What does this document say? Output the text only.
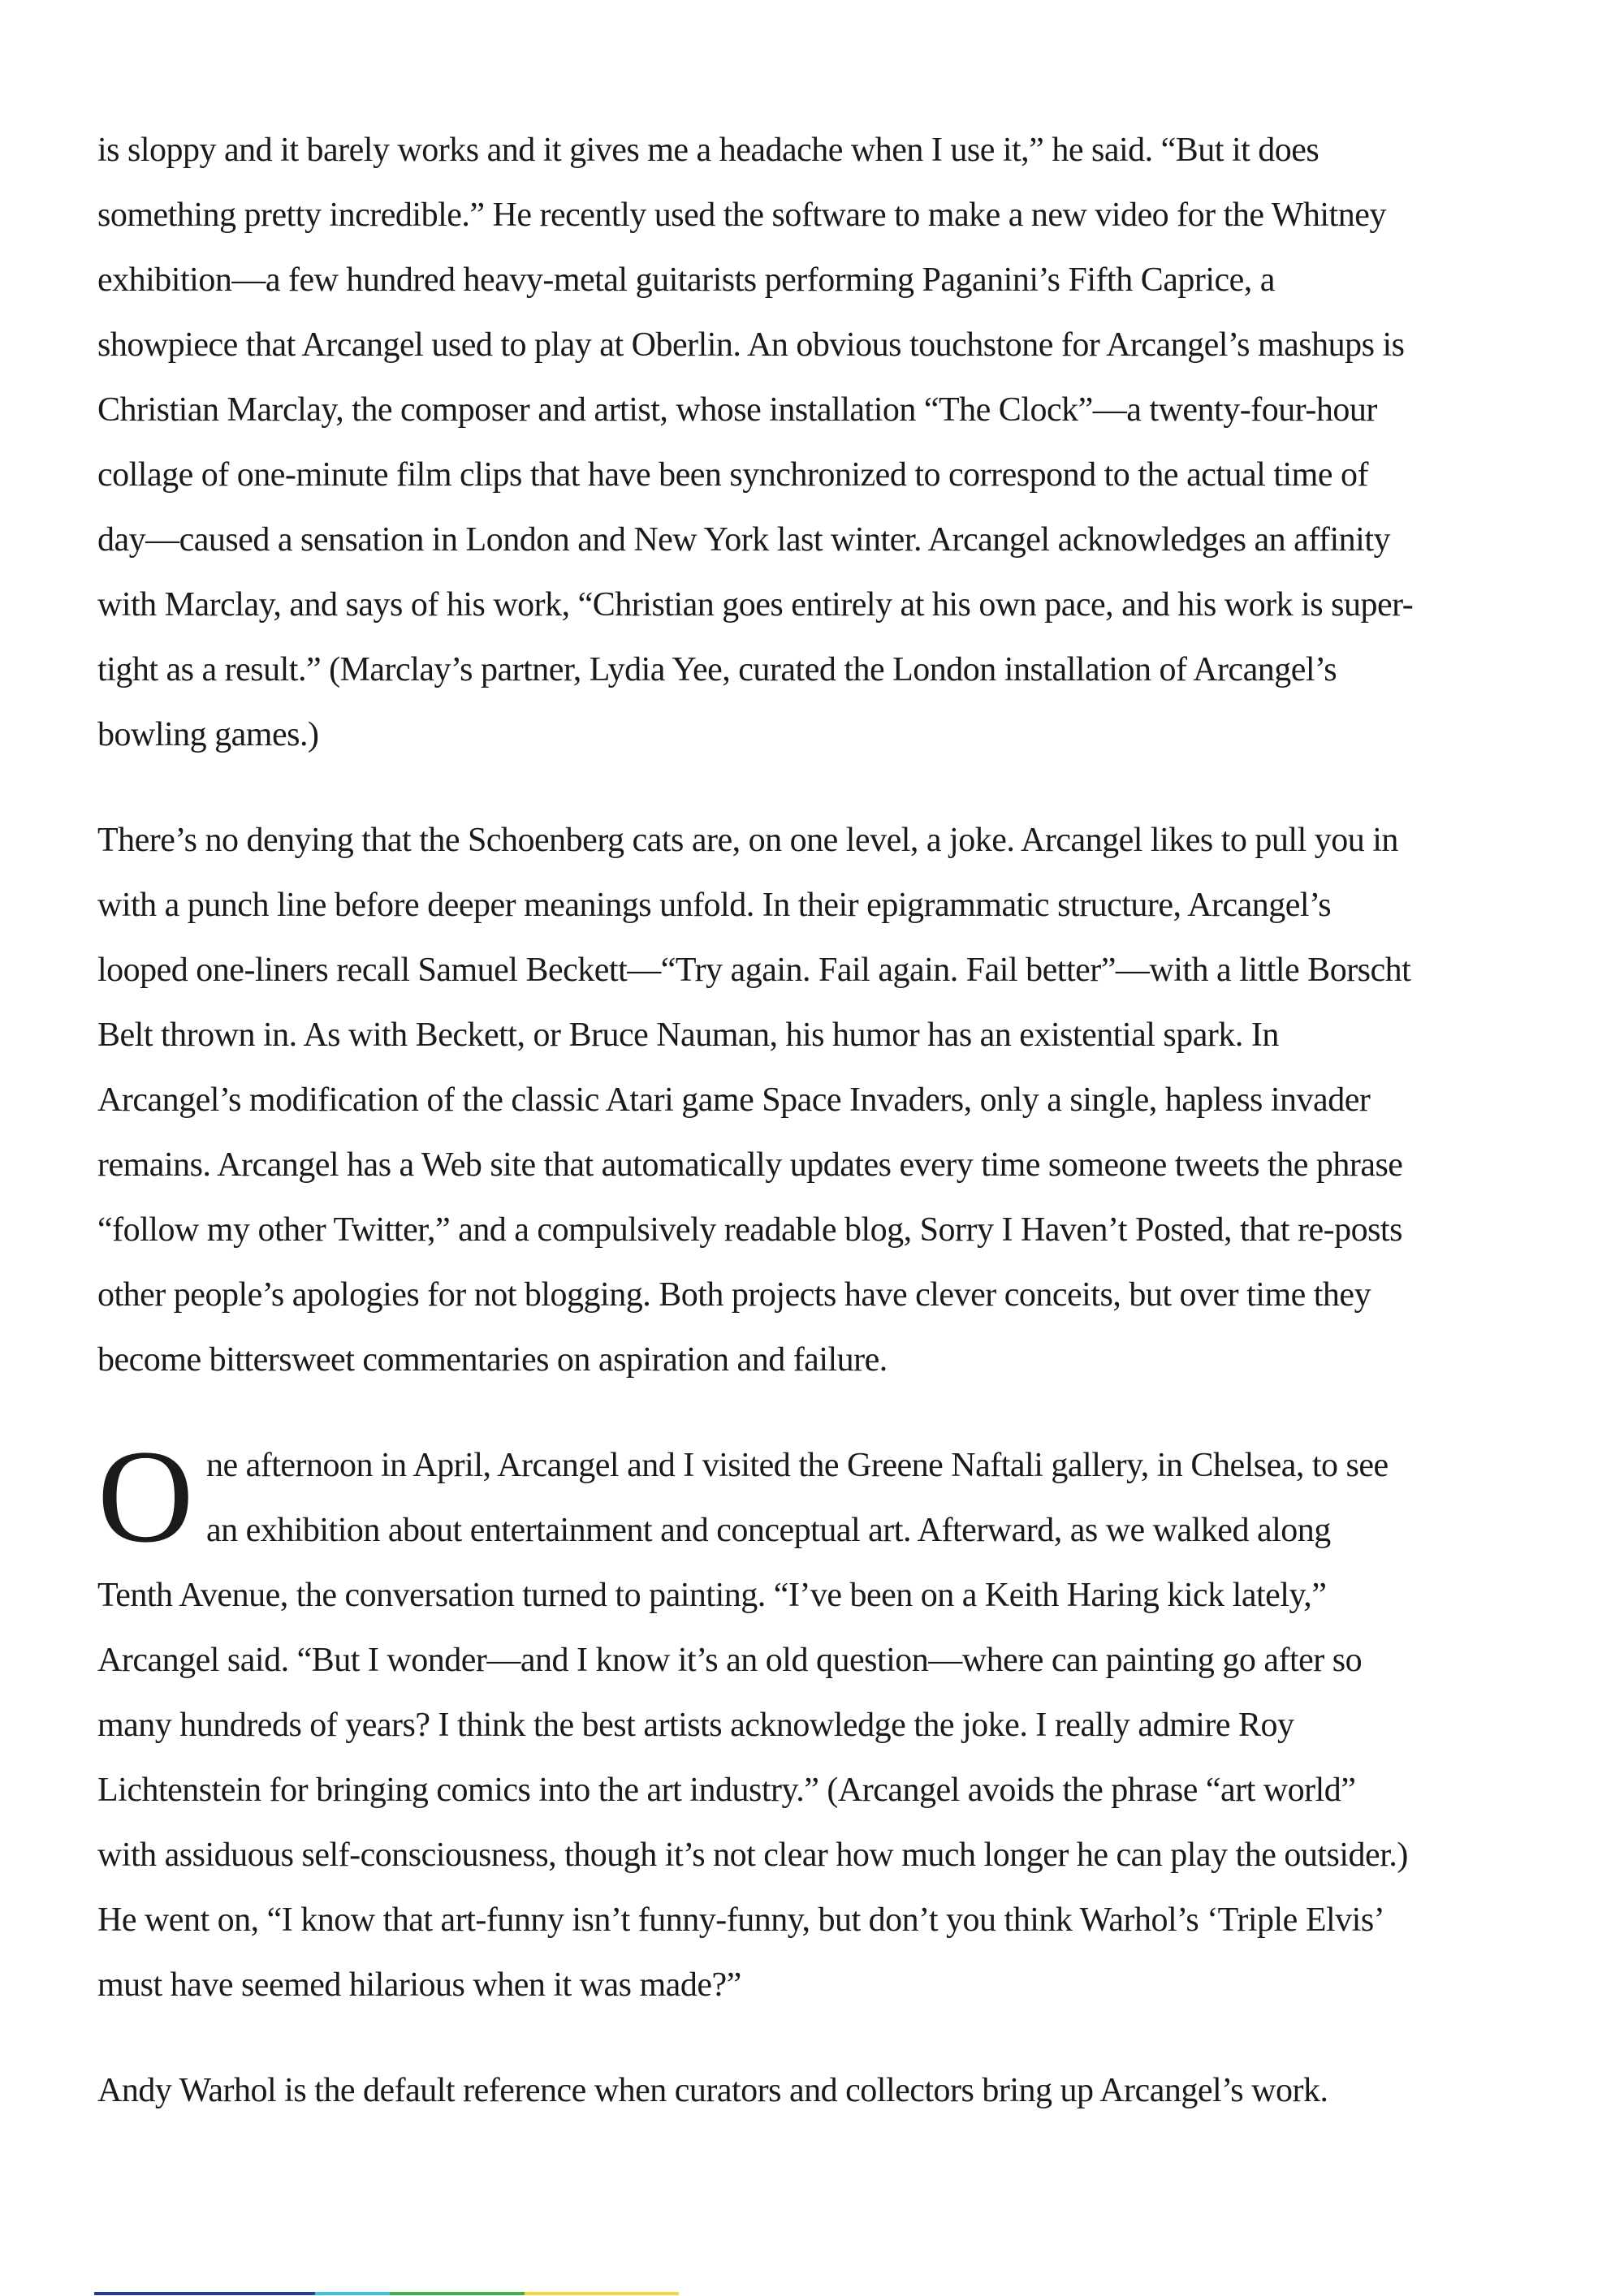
is sloppy and it barely works and it gives me a headache when I use it,” he said. “But it does
something pretty incredible.” He recently used the software to make a new video for the Whitney
exhibition—a few hundred heavy-metal guitarists performing Paganini’s Fifth Caprice, a
showpiece that Arcangel used to play at Oberlin. An obvious touchstone for Arcangel’s mashups is
Christian Marclay, the composer and artist, whose installation “The Clock”—a twenty-four-hour
collage of one-minute film clips that have been synchronized to correspond to the actual time of
day—caused a sensation in London and New York last winter. Arcangel acknowledges an affinity
with Marclay, and says of his work, “Christian goes entirely at his own pace, and his work is super-
tight as a result.” (Marclay’s partner, Lydia Yee, curated the London installation of Arcangel’s
bowling games.)

There’s no denying that the Schoenberg cats are, on one level, a joke. Arcangel likes to pull you in
with a punch line before deeper meanings unfold. In their epigrammatic structure, Arcangel’s
looped one-liners recall Samuel Beckett—“Try again. Fail again. Fail better”—with a little Borscht
Belt thrown in. As with Beckett, or Bruce Nauman, his humor has an existential spark. In
Arcangel’s modification of the classic Atari game Space Invaders, only a single, hapless invader
remains. Arcangel has a Web site that automatically updates every time someone tweets the phrase
“follow my other Twitter,” and a compulsively readable blog, Sorry I Haven’t Posted, that re-posts
other people’s apologies for not blogging. Both projects have clever conceits, but over time they
become bittersweet commentaries on aspiration and failure.

One afternoon in April, Arcangel and I visited the Greene Naftali gallery, in Chelsea, to see
an exhibition about entertainment and conceptual art. Afterward, as we walked along
Tenth Avenue, the conversation turned to painting. “I’ve been on a Keith Haring kick lately,”
Arcangel said. “But I wonder—and I know it’s an old question—where can painting go after so
many hundreds of years? I think the best artists acknowledge the joke. I really admire Roy
Lichtenstein for bringing comics into the art industry.” (Arcangel avoids the phrase “art world”
with assiduous self-consciousness, though it’s not clear how much longer he can play the outsider.)
He went on, “I know that art-funny isn’t funny-funny, but don’t you think Warhol’s ‘Triple Elvis’
must have seemed hilarious when it was made?”

Andy Warhol is the default reference when curators and collectors bring up Arcangel’s work.
